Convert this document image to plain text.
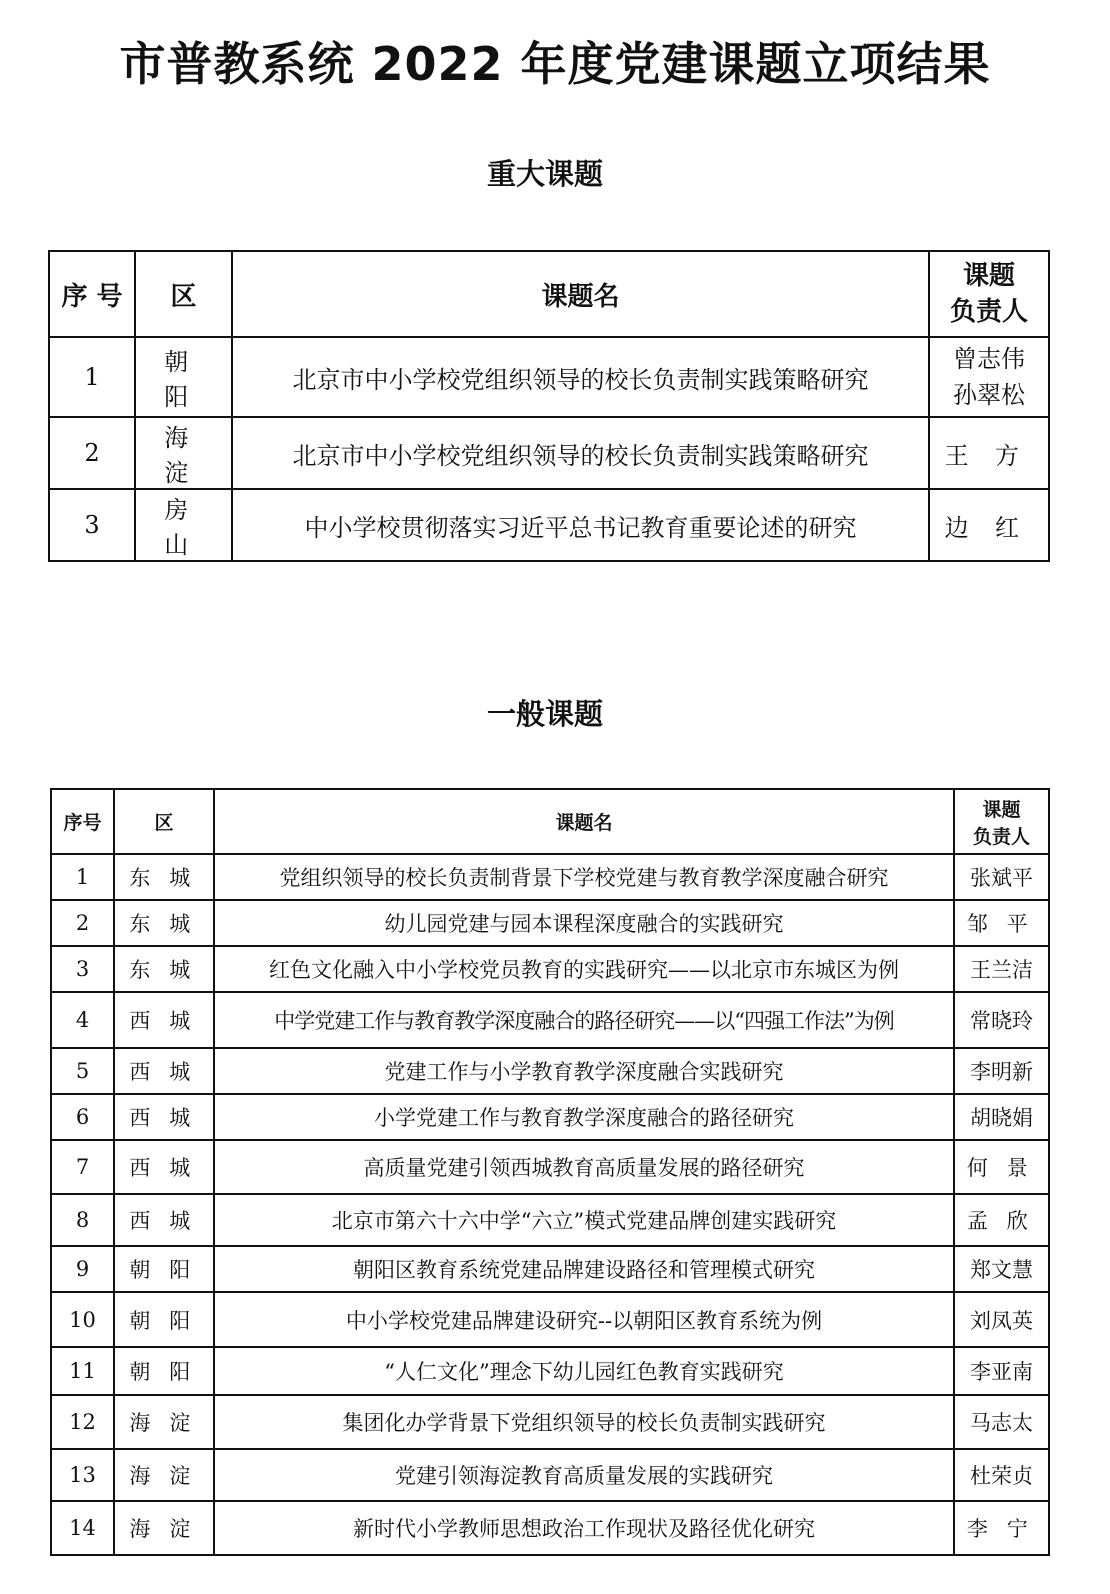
市普教系统 2022 年度党建课题立项结果
重大课题
序 号	区	课题名	课题
负责人

1	朝阳	北京市中小学校党组织领导的校长负责制实践策略研究	曾志伟
孙翠松

2	海淀	北京市中小学校党组织领导的校长负责制实践策略研究	王方
3	房山	中小学校贯彻落实习近平总书记教育重要论述的研究	边红
一般课题
序号	区	课题名	课题
负责人

1	东城	党组织领导的校长负责制背景下学校党建与教育教学深度融合研究	张斌平
2	东城	幼儿园党建与园本课程深度融合的实践研究	邹平
3	东城	红色文化融入中小学校党员教育的实践研究——以北京市东城区为例	王兰洁
4	西城	中学党建工作与教育教学深度融合的路径研究——以“四强工作法”为例	常晓玲
5	西城	党建工作与小学教育教学深度融合实践研究	李明新
6	西城	小学党建工作与教育教学深度融合的路径研究	胡晓娟
7	西城	高质量党建引领西城教育高质量发展的路径研究	何景
8	西城	北京市第六十六中学“六立”模式党建品牌创建实践研究	孟欣
9	朝阳	朝阳区教育系统党建品牌建设路径和管理模式研究	郑文慧
10	朝阳	中小学校党建品牌建设研究--以朝阳区教育系统为例	刘凤英
11	朝阳	“人仁文化”理念下幼儿园红色教育实践研究	李亚南
12	海淀	集团化办学背景下党组织领导的校长负责制实践研究	马志太
13	海淀	党建引领海淀教育高质量发展的实践研究	杜荣贞
14	海淀	新时代小学教师思想政治工作现状及路径优化研究	李宁
